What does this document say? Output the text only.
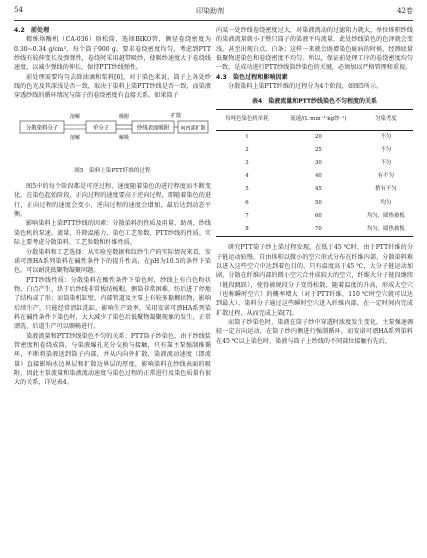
54	印染助剂	42卷

4.2　前处理

精炼烙酶机（CA-036）烙松筒，选择BIKO管，侧径卷绕密度为0.30~0.34 g/cm³，每个筒子900 g，要求卷绕密度均匀，考虑到PTT纱线有较伸变长及弹弹性，卷绕时采用越带吸纱，使吸纱速度大于卷绕线速度，以减少弹线的伸长，保持PTT纱线弹性。

前处理需要均匀去除油滴和浆料[6]，对于染色来说，筒子上各处纱线的色光及其深浅是否一致，取决于染料上染PTT纱线是否一致，而染液穿透纱线的循环情况与筒子的卷绕密度有直接关系。如果筒子

分散染料分子	单分子	纱线表面吸附 向内部扩散
溶解
溶解
吸附
解吸
扩散

图5　染料上染PTT纤维的过程

图5中的每个阶段都是可逆过程，速度随着染色的进行程度而不断变化。在染色起始阶段，正向过程的速度要高于逆向过程，即随着染色的进行，正向过程的速度会变小，逆向过程的速度会增加，最后达到动态平衡。

影响染料上染PTT纱线的因素：分散染料的性质及用量、助剂、纱线染色机的泵速、流量、升降温能力、染色工艺参数、PTT纱线的性质。实际上要考虑分散染料、工艺参数和纤维性质。

分散染料和工艺选择：从实验室数据和纹纱生产的实际情况来看，安诺可漂HA系列染料在碱性条件下的提升性高，在pH为10.5的条件下染色，可以耐洗低聚物凝聚问题。

PTT纱线性质：分散染料在酸性条件下染色时，纱线上有白色粉状物，白点产生，烘干后纱线非常板结梳帽，侧筒非常困难，纺后进了停地了结构或了形；而筒染机缸壁，内部管道及主泵上有较多黏稠状物，影响后续生产，只能经常清缸洗缸，影响生产效率，采用安诺可漂HA系列染料在碱性条件下染色时，大大减少了染色后低聚物凝聚现象的发生，正常漂洗，后道生产可以顺畅进行。

染液流量和PTT纱线染色不匀的关系：PTT筒子纱染色，由于纱线装管密度和卷绕成筒，与染液爆孔充分交换与接触，只有靠主泵强制推循环，不断将染液送到筒子内部，并从内向外扩散，染液流动速度（即流量）直接影响水边界层和扩散边界层的厚度，影响染料在纱线表面的吸附，因此主泵流量和染液流动速度与染色过程的正常进行及染色质量有很大的关系，详见表4。

内某一处纱线卷绕密度过大，对染液流动的过滤阻力就大，单位体积纱线的染液流量就小于整只筒子的染液平均流量，此处纱线染色的色泽就会变浅，甚至出现白点、白条；这样一来就会既增染色疵病的时候，经测底量低聚物进染色和卷绕密度不均匀。所以，保证前处理工序的卷绕密度均匀一致，是成功进行PTT纱线筒纱染色的关键，必须加以严格管理和重视。

4.3　染色过程和影响因素

分散染料上染PTT纤维的过程分为4个阶段，如图5所示。

表4　染液流量和PTT纱线染色不匀程度的关系

每吨色染色机单耗	流速/(L·min⁻¹·kg纱⁻¹)	匀染考度
1	20	不匀
2	25	不匀
3	30	不匀
4	40	有不匀
5	45	稍有不匀
6	50	均匀
7	60	均匀，圆热被板
8	70	均匀，圆热被板

研究PTT筒子纱上染过程发现，在低于45 ℃时，由于PTT纤维的分子链运动较慢，自由体积以微小的空穴形式分布在纤维内部，分散染料难以进入这些空穴中达到着色目的，只有温度高于45 ℃，大分子链运动加剧，分散在纤维内部的微小空穴合并成较大的空穴，纤维大分子链段继续（链段跳跃），使得被规段分子变得松散，随着温度的升高，形成大空穴（也称瞬时空穴）的概率增大（对于PTT纤维，110 ℃时空穴就可以达到最大），染料分子通过这些瞬时空穴进入纤维内部，在一定时间内完成扩散过程，从而完成上染[7]。

而筒子纱染色时，染液在筒子纱中穿透时浓度发生变化，主泵强速调较一定方向运动，在筒子纱内侧进行强制循环，而安诺可漂HA系列染料在45 ℃以上染色时，染液与筒子上纱线的不同部位接触有先后，
